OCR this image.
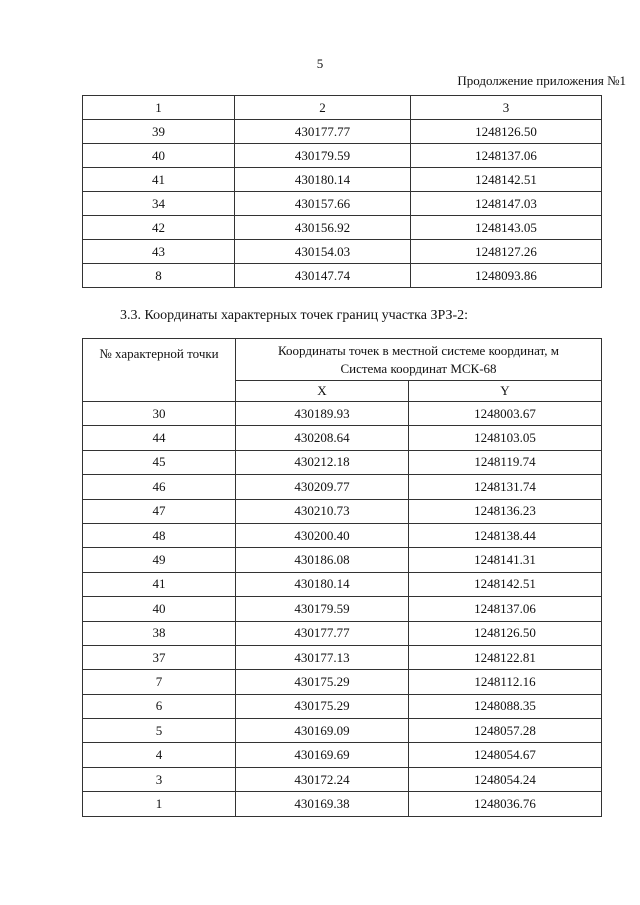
5
Продолжение приложения №1
1	2	3
39	430177.77	1248126.50
40	430179.59	1248137.06
41	430180.14	1248142.51
34	430157.66	1248147.03
42	430156.92	1248143.05
43	430154.03	1248127.26
8	430147.74	1248093.86
3.3. Координаты характерных точек границ участка ЗРЗ-2:
№ характерной точки	Координаты точек в местной системе координат, м
Система координат МСК-68	

	X	Y
30	430189.93	1248003.67
44	430208.64	1248103.05
45	430212.18	1248119.74
46	430209.77	1248131.74
47	430210.73	1248136.23
48	430200.40	1248138.44
49	430186.08	1248141.31
41	430180.14	1248142.51
40	430179.59	1248137.06
38	430177.77	1248126.50
37	430177.13	1248122.81
7	430175.29	1248112.16
6	430175.29	1248088.35
5	430169.09	1248057.28
4	430169.69	1248054.67
3	430172.24	1248054.24
1	430169.38	1248036.76
